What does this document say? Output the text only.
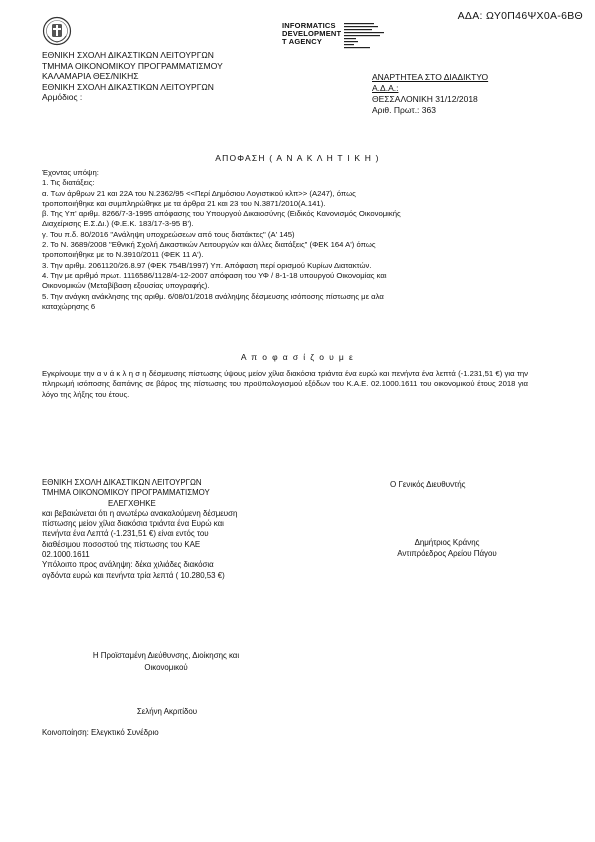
ΑΔΑ: ΩΥ0Π46ΨΧ0Α-6ΒΘ
ΕΘΝΙΚΗ ΣΧΟΛΗ ΔΙΚΑΣΤΙΚΩΝ ΛΕΙΤΟΥΡΓΩΝ
ΤΜΗΜΑ ΟΙΚΟΝΟΜΙΚΟΥ ΠΡΟΓΡΑΜΜΑΤΙΣΜΟΥ
ΚΑΛΑΜΑΡΙΑ ΘΕΣ/ΝΙΚΗΣ
ΕΘΝΙΚΗ ΣΧΟΛΗ ΔΙΚΑΣΤΙΚΩΝ ΛΕΙΤΟΥΡΓΩΝ
Αρμόδιος :
INFORMATICS
DEVELOPMENT
T AGENCY
ΑΝΑΡΤΗΤΕΑ ΣΤΟ ΔΙΑΔΙΚΤΥΟ
Α.Δ.Α.:
ΘΕΣΣΑΛΟΝΙΚΗ 31/12/2018
Αριθ. Πρωτ.: 363
ΑΠΟΦΑΣΗ ( Α Ν Α Κ Λ Η Τ Ι Κ Η )
Έχοντας υπόψη:
1. Τις διατάξεις:
α. Των άρθρων 21 και 22Α του Ν.2362/95 <<Περί Δημόσιου Λογιστικού κλπ>> (Α247), όπως
τροποποιήθηκε και συμπληρώθηκε με τα άρθρα 21 και 23 του Ν.3871/2010(Α.141).
β. Της Υπ' αριθμ. 8266/7-3-1995 απόφασης του Υπουργού Δικαιοσύνης (Ειδικός Κανονισμός Οικονομικής
Διαχείρισης Ε.Σ.Δι.) (Φ.Ε.Κ. 183/17-3-95 Β').
γ. Του π.δ. 80/2016 "Ανάληψη υποχρεώσεων από τους διατάκτες" (Α' 145)
2. Το Ν. 3689/2008 "Εθνική Σχολή Δικαστικών Λειτουργών και άλλες διατάξεις" (ΦΕΚ 164 Α') όπως
τροποποιήθηκε με το Ν.3910/2011 (ΦΕΚ 11 Α').
3. Την αριθμ. 2061120/26.8.97 (ΦΕΚ 754Β/1997) Υπ. Απόφαση περί ορισμού Κυρίων Διατακτών.
4. Την με αριθμό πρωτ. 1116586/1128/4-12-2007 απόφαση του ΥΦ / 8-1-18 υπουργού Οικονομίας και
Οικονομικών (Μεταβίβαση εξουσίας υπογραφής).
5. Την ανάγκη ανάκλησης της αριθμ. 6/08/01/2018 ανάληψης δέσμευσης ισόποσης πίστωσης με αλα
καταχώρησης 6
Α π ο φ α σ ί ζ ο υ μ ε
Εγκρίνουμε την α ν ά κ λ η σ η δέσμευσης πίστωσης ύψους μείον χίλια διακόσια τριάντα ένα ευρώ και πενήντα ένα λεπτά (-1.231,51 €) για την πληρωμή ισόποσης δαπάνης σε βάρος της πίστωσης του προϋπολογισμού εξόδων του Κ.Α.Ε. 02.1000.1611 του οικονομικού έτους 2018 για λόγο της λήξης του έτους.
ΕΘΝΙΚΗ ΣΧΟΛΗ ΔΙΚΑΣΤΙΚΩΝ ΛΕΙΤΟΥΡΓΩΝ
ΤΜΗΜΑ ΟΙΚΟΝΟΜΙΚΟΥ ΠΡΟΓΡΑΜΜΑΤΙΣΜΟΥ
ΕΛΕΓΧΘΗΚΕ
και βεβαιώνεται ότι η ανωτέρω ανακαλούμενη δέσμευση
πίστωσης μείον χίλια διακόσια τριάντα ένα Ευρώ και
πενήντα ένα Λεπτά (-1.231,51 €) είναι εντός του
διαθέσιμου ποσοστού της πίστωσης του ΚΑΕ
02.1000.1611
Υπόλοιπο προς ανάληψη: δέκα χιλιάδες διακόσια
ογδόντα ευρώ και πενήντα τρία λεπτά ( 10.280,53 €)
Ο Γενικός Διευθυντής
Δημήτριος Κράνης
Αντιπρόεδρος Αρείου Πάγου
Η Προϊσταμένη Διεύθυνσης, Διοίκησης και
Οικονομικού
Σελήνη Ακριτίδου
Κοινοποίηση: Ελεγκτικό Συνέδριο
